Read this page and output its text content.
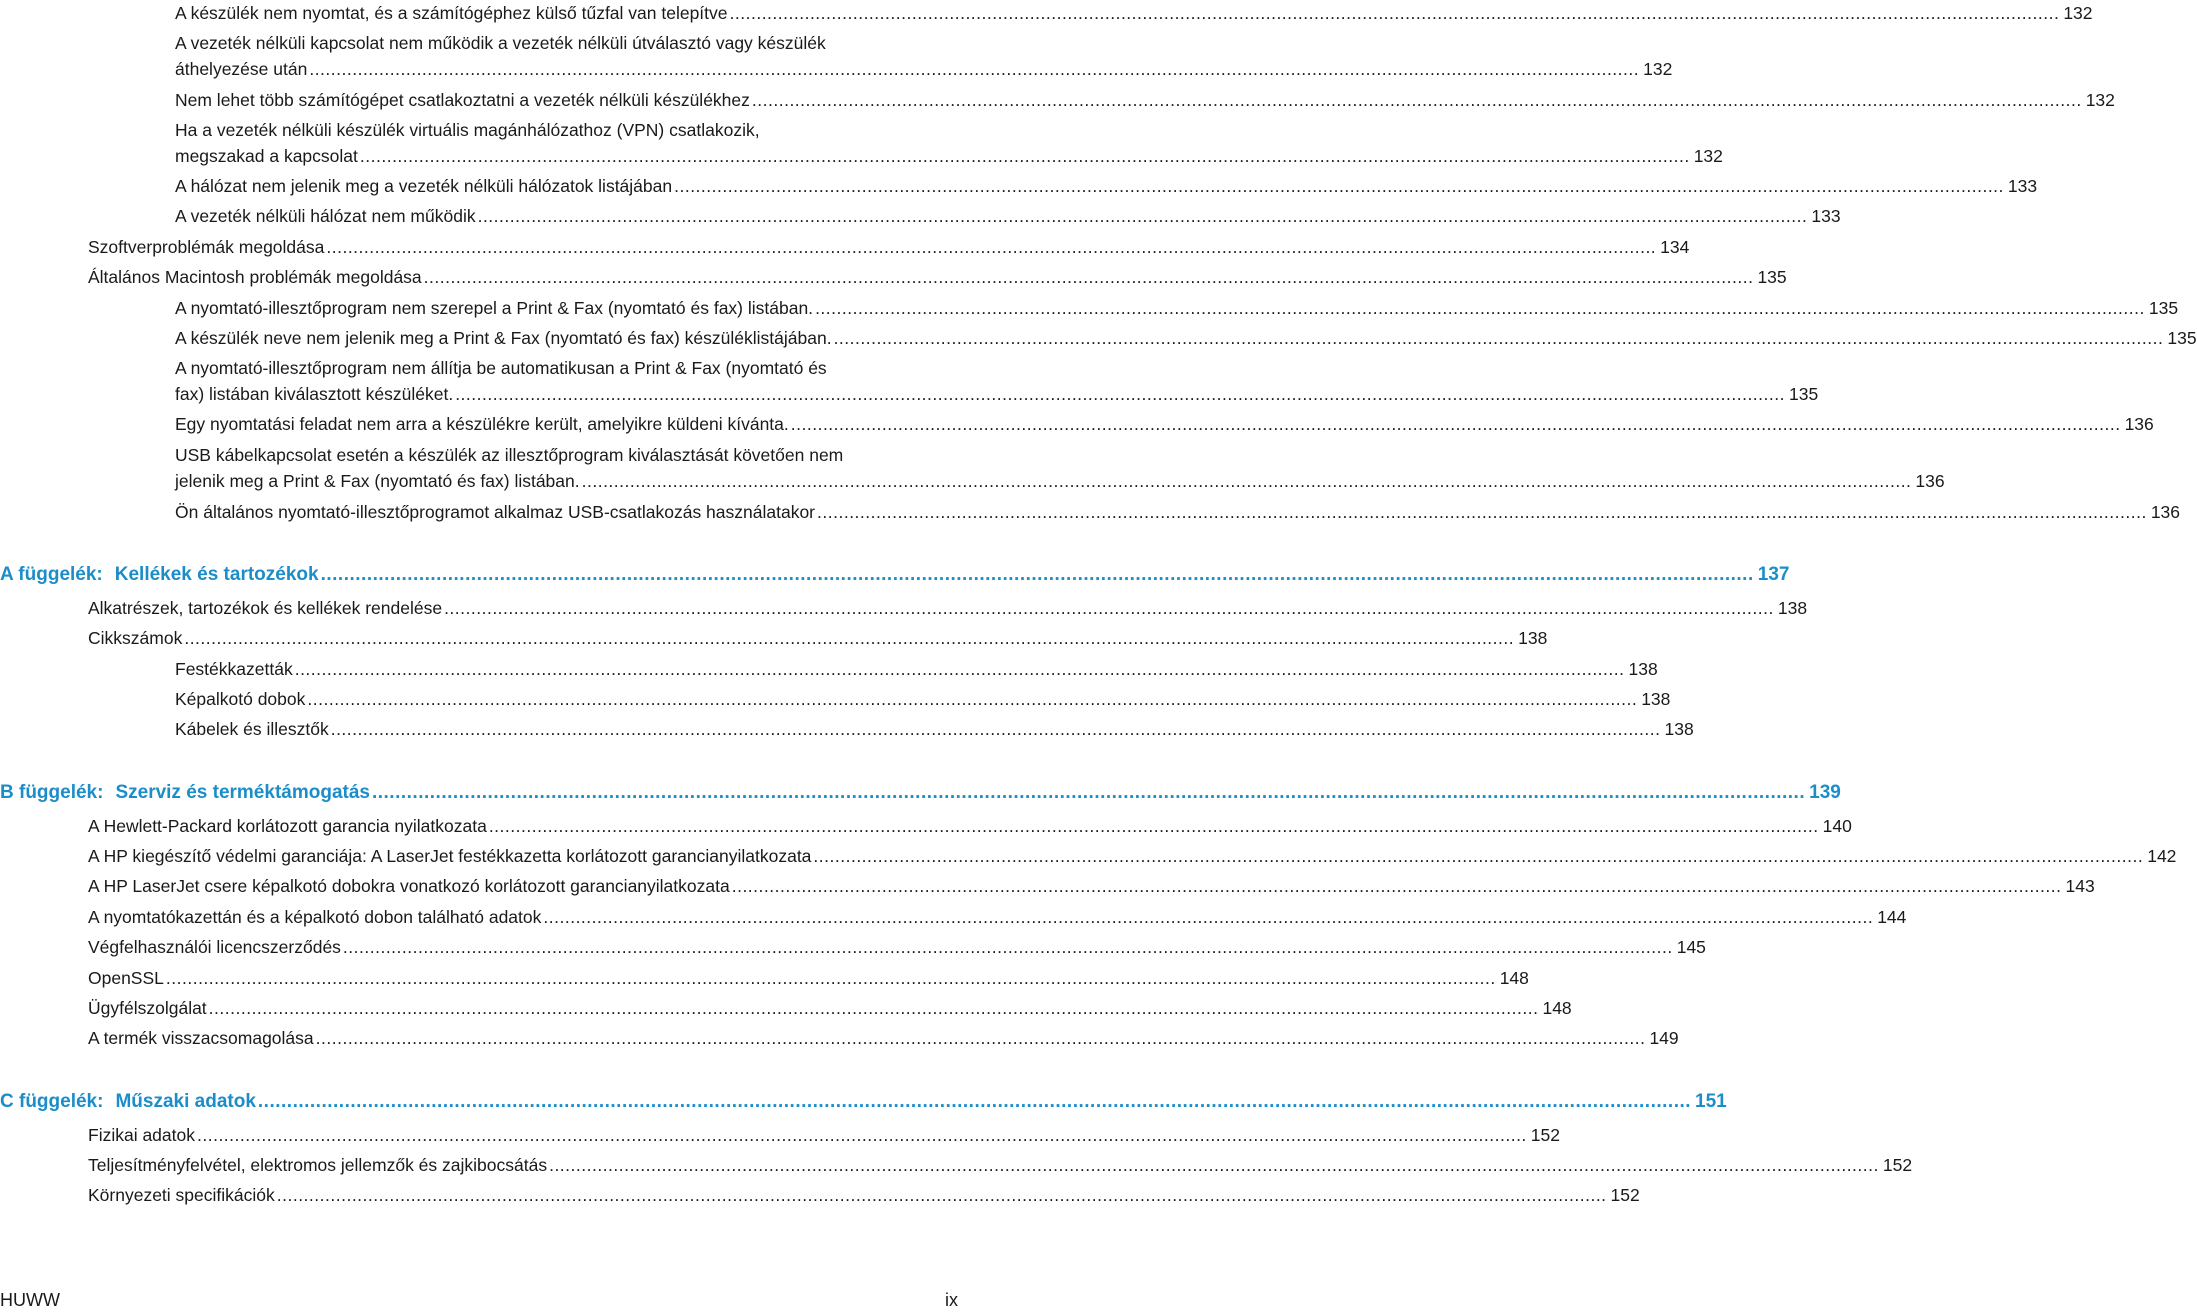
A készülék nem nyomtat, és a számítógéphez külső tűzfal van telepítve .....	132
A vezeték nélküli kapcsolat nem működik a vezeték nélküli útválasztó vagy készülék
áthelyezése után .....	132
Nem lehet több számítógépet csatlakoztatni a vezeték nélküli készülékhez .....	132
Ha a vezeték nélküli készülék virtuális magánhálózathoz (VPN) csatlakozik,
megszakad a kapcsolat .....	132
A hálózat nem jelenik meg a vezeték nélküli hálózatok listájában .....	133
A vezeték nélküli hálózat nem működik .....	133
Szoftverproblémák megoldása .....	134
Általános Macintosh problémák megoldása .....	135
A nyomtató-illesztőprogram nem szerepel a Print & Fax (nyomtató és fax) listában. .....	135
A készülék neve nem jelenik meg a Print & Fax (nyomtató és fax) készüléklistájában. .....	135
A nyomtató-illesztőprogram nem állítja be automatikusan a Print & Fax (nyomtató és
fax) listában kiválasztott készüléket. .....	135
Egy nyomtatási feladat nem arra a készülékre került, amelyikre küldeni kívánta. .....	136
USB kábelkapcsolat esetén a készülék az illesztőprogram kiválasztását követően nem
jelenik meg a Print & Fax (nyomtató és fax) listában. .....	136
Ön általános nyomtató-illesztőprogramot alkalmaz USB-csatlakozás használatakor .....	136
A függelék: Kellékek és tartozékok .....	137
Alkatrészek, tartozékok és kellékek rendelése .....	138
Cikkszámok .....	138
Festékkazetták .....	138
Képalkotó dobok .....	138
Kábelek és illesztők .....	138
B függelék: Szerviz és terméktámogatás .....	139
A Hewlett-Packard korlátozott garancia nyilatkozata .....	140
A HP kiegészítő védelmi garanciája: A LaserJet festékkazetta korlátozott garancianyilatkozata .....	142
A HP LaserJet csere képalkotó dobokra vonatkozó korlátozott garancianyilatkozata .....	143
A nyomtatókazettán és a képalkotó dobon található adatok .....	144
Végfelhasználói licencszerződés .....	145
OpenSSL .....	148
Ügyfélszolgálat .....	148
A termék visszacsomagolása .....	149
C függelék: Műszaki adatok .....	151
Fizikai adatok .....	152
Teljesítményfelvétel, elektromos jellemzők és zajkibocsátás .....	152
Környezeti specifikációk .....	152
HUWW	ix
